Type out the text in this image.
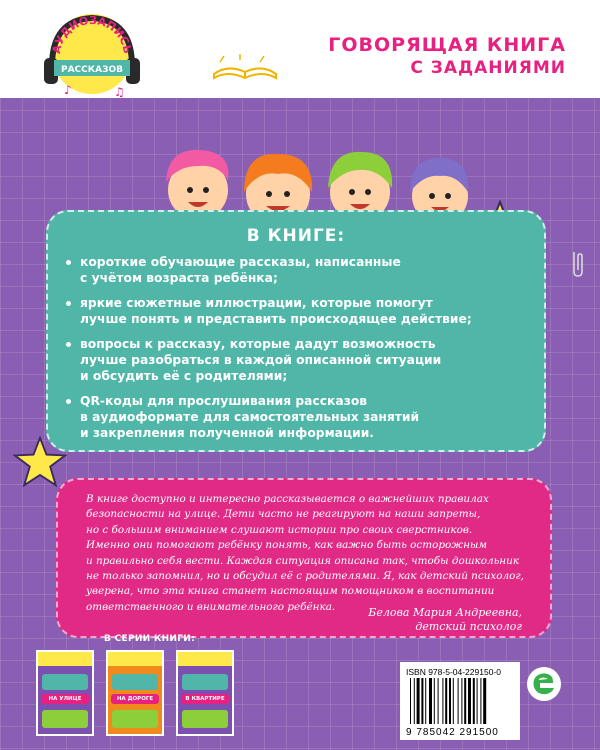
АУДИОЗАПИСЬ
РАССКАЗОВ
♪	♫
ГОВОРЯЩАЯ КНИГА
С ЗАДАНИЯМИ
В КНИГЕ:
короткие обучающие рассказы, написанные
с учётом возраста ребёнка;
яркие сюжетные иллюстрации, которые помогут
лучше понять и представить происходящее действие;
вопросы к рассказу, которые дадут возможность
лучше разобраться в каждой описанной ситуации
и обсудить её с родителями;
QR-коды для прослушивания рассказов
в аудиоформате для самостоятельных занятий
и закрепления полученной информации.
В книге доступно и интересно рассказывается о важнейших правилах
безопасности на улице. Дети часто не реагируют на наши запреты,
но с большим вниманием слушают истории про своих сверстников.
Именно они помогают ребёнку понять, как важно быть осторожным
и правильно себя вести. Каждая ситуация описана так, чтобы дошкольник
не только запомнил, но и обсудил её с родителями. Я, как детский психолог,
уверена, что эта книга станет настоящим помощником в воспитании
ответственного и внимательного ребёнка.	Белова Мария Андреевна,
детский психолог
В СЕРИИ КНИГИ:
НА УЛИЦЕ	НА ДОРОГЕ	В КВАРТИРЕ
ISBN 978-5-04-229150-0
9 785042 291500
